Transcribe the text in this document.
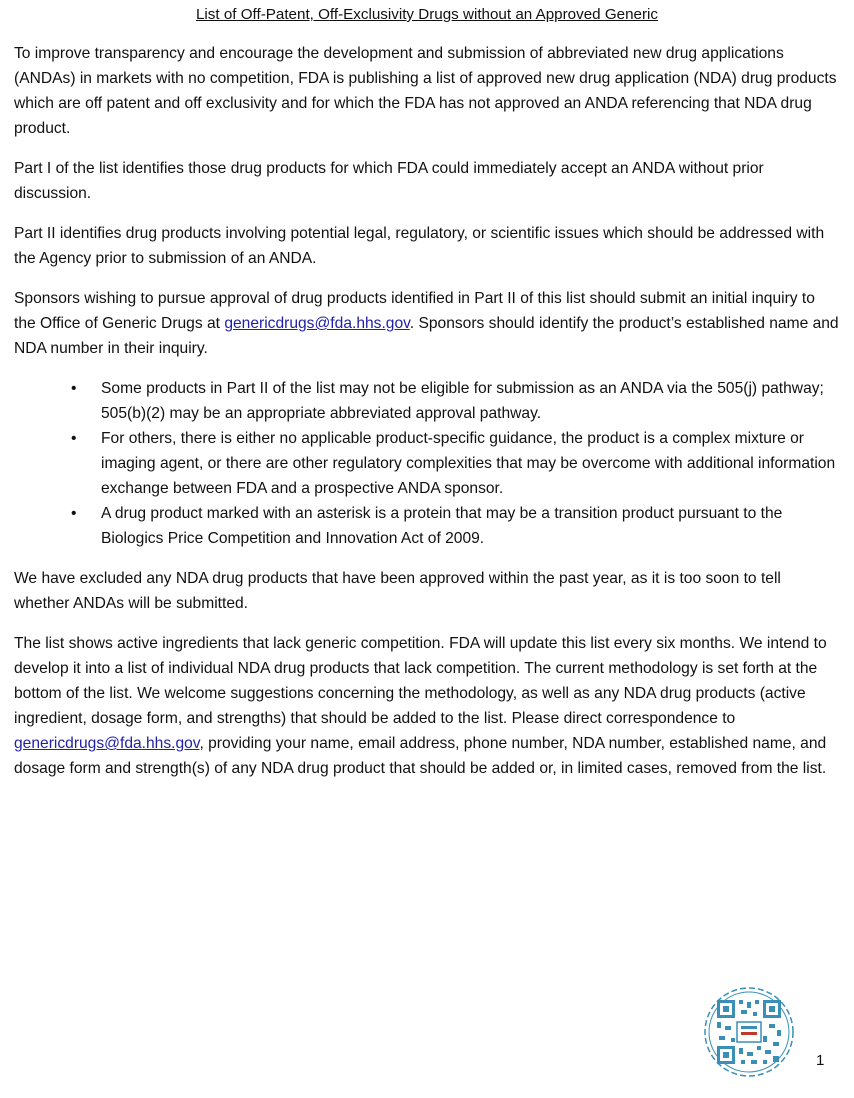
List of Off-Patent, Off-Exclusivity Drugs without an Approved Generic

To improve transparency and encourage the development and submission of abbreviated new drug applications (ANDAs) in markets with no competition, FDA is publishing a list of approved new drug application (NDA) drug products which are off patent and off exclusivity and for which the FDA has not approved an ANDA referencing that NDA drug product.

Part I of the list identifies those drug products for which FDA could immediately accept an ANDA without prior discussion.

Part II identifies drug products involving potential legal, regulatory, or scientific issues which should be addressed with the Agency prior to submission of an ANDA.

Sponsors wishing to pursue approval of drug products identified in Part II of this list should submit an initial inquiry to the Office of Generic Drugs at genericdrugs@fda.hhs.gov. Sponsors should identify the product’s established name and NDA number in their inquiry.

• Some products in Part II of the list may not be eligible for submission as an ANDA via the 505(j) pathway; 505(b)(2) may be an appropriate abbreviated approval pathway.
• For others, there is either no applicable product-specific guidance, the product is a complex mixture or imaging agent, or there are other regulatory complexities that may be overcome with additional information exchange between FDA and a prospective ANDA sponsor.
• A drug product marked with an asterisk is a protein that may be a transition product pursuant to the Biologics Price Competition and Innovation Act of 2009.

We have excluded any NDA drug products that have been approved within the past year, as it is too soon to tell whether ANDAs will be submitted.

The list shows active ingredients that lack generic competition. FDA will update this list every six months. We intend to develop it into a list of individual NDA drug products that lack competition. The current methodology is set forth at the bottom of the list. We welcome suggestions concerning the methodology, as well as any NDA drug products (active ingredient, dosage form, and strengths) that should be added to the list. Please direct correspondence to genericdrugs@fda.hhs.gov, providing your name, email address, phone number, NDA number, established name, and dosage form and strength(s) of any NDA drug product that should be added or, in limited cases, removed from the list.

1
